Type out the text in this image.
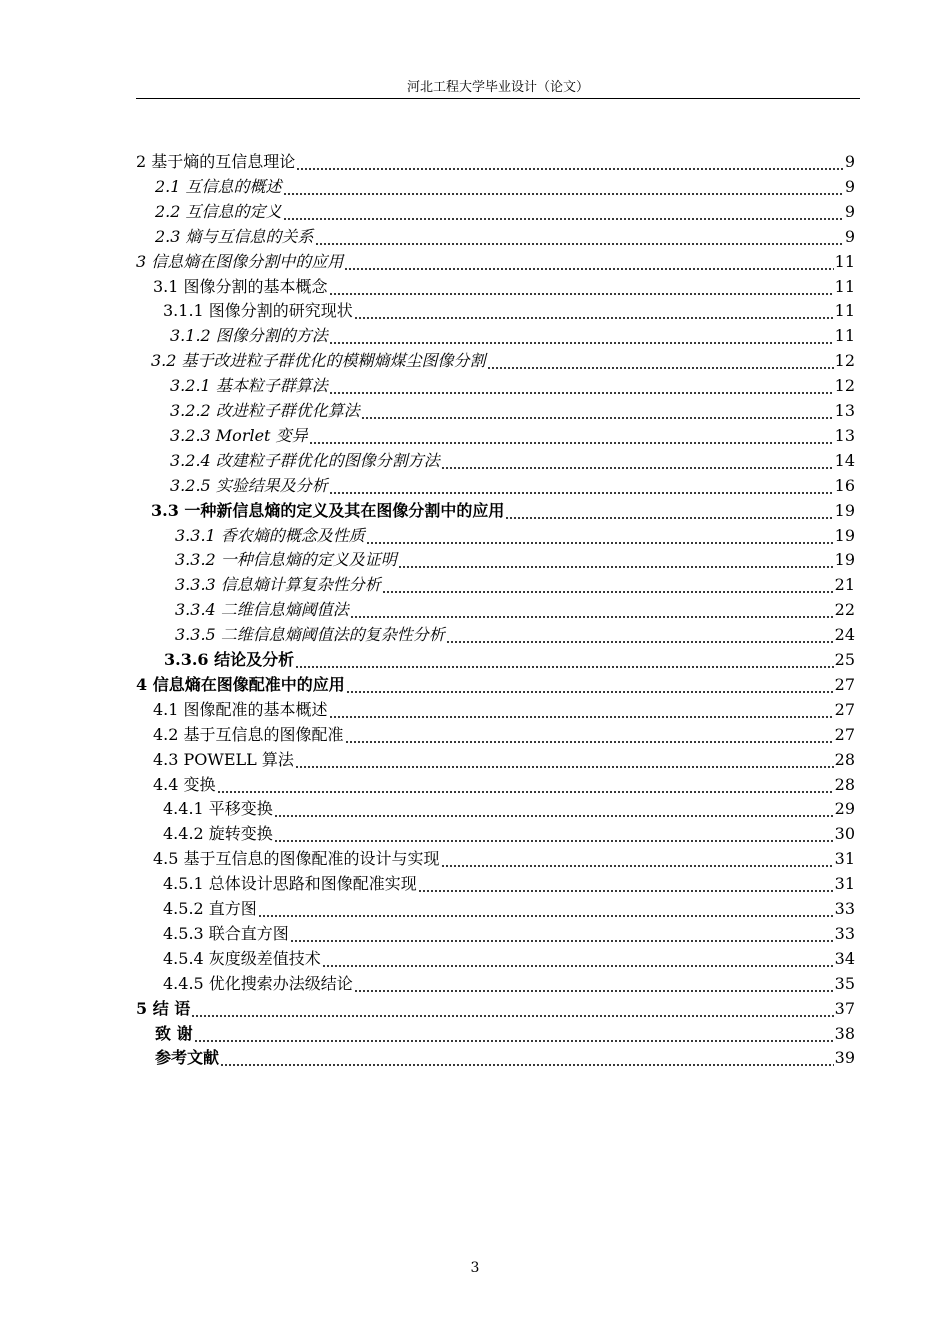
河北工程大学毕业设计（论文）
2 基于熵的互信息理论	9
2.1 互信息的概述	9
2.2 互信息的定义	9
2.3 熵与互信息的关系	9
3 信息熵在图像分割中的应用	11
3.1 图像分割的基本概念	11
3.1.1 图像分割的研究现状	11
3.1.2 图像分割的方法	11
3.2 基于改进粒子群优化的模糊熵煤尘图像分割	12
3.2.1 基本粒子群算法	12
3.2.2 改进粒子群优化算法	13
3.2.3 Morlet 变异	13
3.2.4 改建粒子群优化的图像分割方法	14
3.2.5 实验结果及分析	16
3.3 一种新信息熵的定义及其在图像分割中的应用	19
3.3.1 香农熵的概念及性质	19
3.3.2 一种信息熵的定义及证明	19
3.3.3 信息熵计算复杂性分析	21
3.3.4 二维信息熵阈值法	22
3.3.5 二维信息熵阈值法的复杂性分析	24
3.3.6 结论及分析	25
4 信息熵在图像配准中的应用	27
4.1 图像配准的基本概述	27
4.2 基于互信息的图像配准	27
4.3 POWELL 算法	28
4.4 变换	28
4.4.1 平移变换	29
4.4.2 旋转变换	30
4.5 基于互信息的图像配准的设计与实现	31
4.5.1 总体设计思路和图像配准实现	31
4.5.2 直方图	33
4.5.3 联合直方图	33
4.5.4 灰度级差值技术	34
4.4.5 优化搜索办法级结论	35
5 结 语	37
致 谢	38
参考文献	39
3
